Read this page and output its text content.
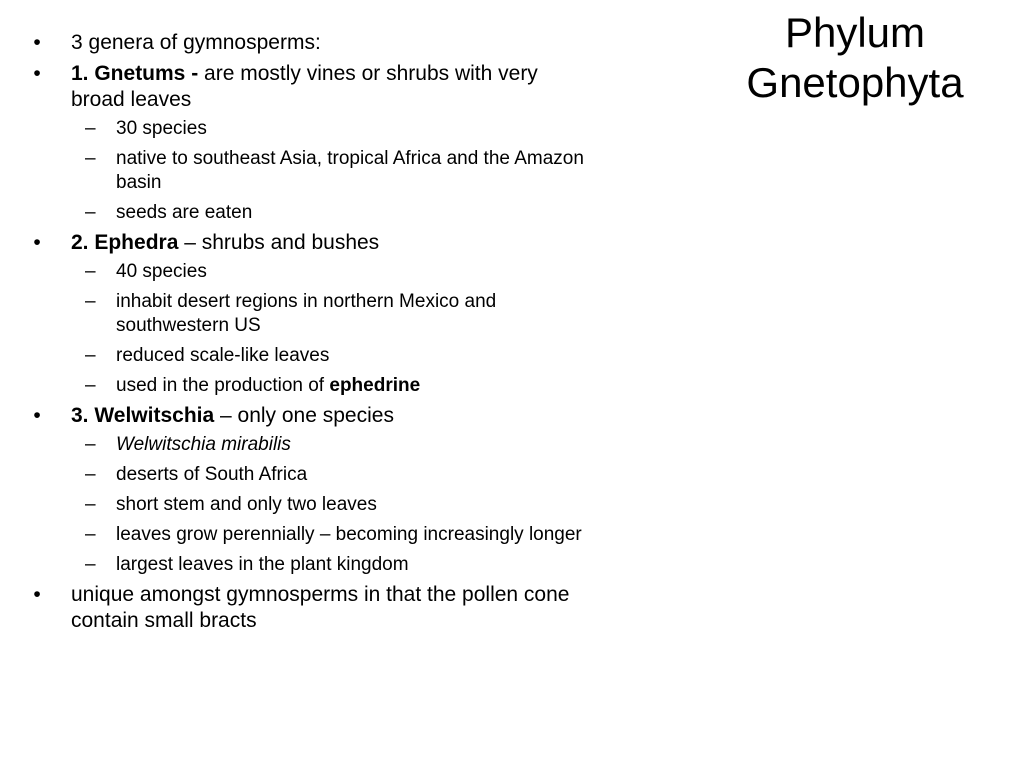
Phylum
Gnetophyta
• 3 genera of gymnosperms:
• 1. Gnetums - are mostly vines or shrubs with very broad leaves
– 30 species
– native to southeast Asia, tropical Africa and the Amazon basin
– seeds are eaten
• 2. Ephedra – shrubs and bushes
– 40 species
– inhabit desert regions in northern Mexico and southwestern US
– reduced scale-like leaves
– used in the production of ephedrine
• 3. Welwitschia – only one species
– Welwitschia mirabilis
– deserts of South Africa
– short stem and only two leaves
– leaves grow perennially – becoming increasingly longer
– largest leaves in the plant kingdom
• unique amongst gymnosperms in that the pollen cone contain small bracts
